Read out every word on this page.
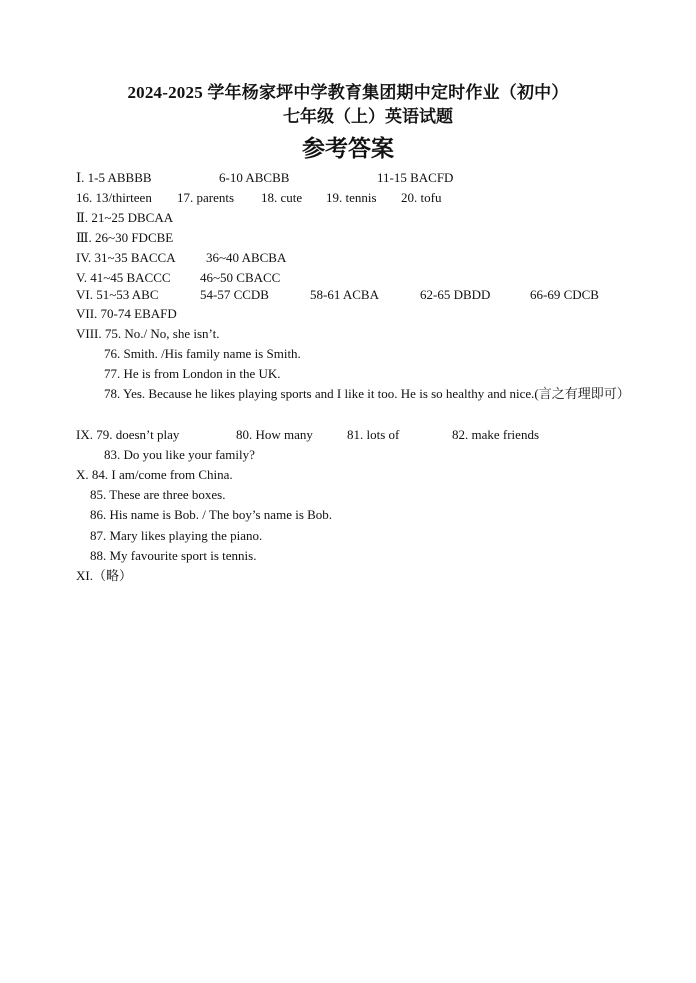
2024-2025 学年杨家坪中学教育集团期中定时作业（初中）
七年级（上）英语试题
参考答案
Ⅰ. 1-5 ABBBB	6-10 ABCBB	11-15 BACFD
16. 13/thirteen 17. parents 18. cute 19. tennis 20. tofu
Ⅱ. 21~25 DBCAA
Ⅲ. 26~30 FDCBE
IV. 31~35 BACCA 36~40 ABCBA
V. 41~45 BACCC 46~50 CBACC
VI. 51~53 ABC	54-57 CCDB	58-61 ACBA	62-65 DBDD	66-69 CDCB
VII. 70-74 EBAFD
VIII. 75. No./ No, she isn’t.
76. Smith. /His family name is Smith.
77. He is from London in the UK.
78. Yes. Because he likes playing sports and I like it too. He is so healthy and nice.(言之有理即可）
IX. 79. doesn’t play	80. How many	81. lots of	82. make friends
83. Do you like your family?
X. 84. I am/come from China.
85. These are three boxes.
86. His name is Bob. / The boy’s name is Bob.
87. Mary likes playing the piano.
88. My favourite sport is tennis.
XI.（略）
